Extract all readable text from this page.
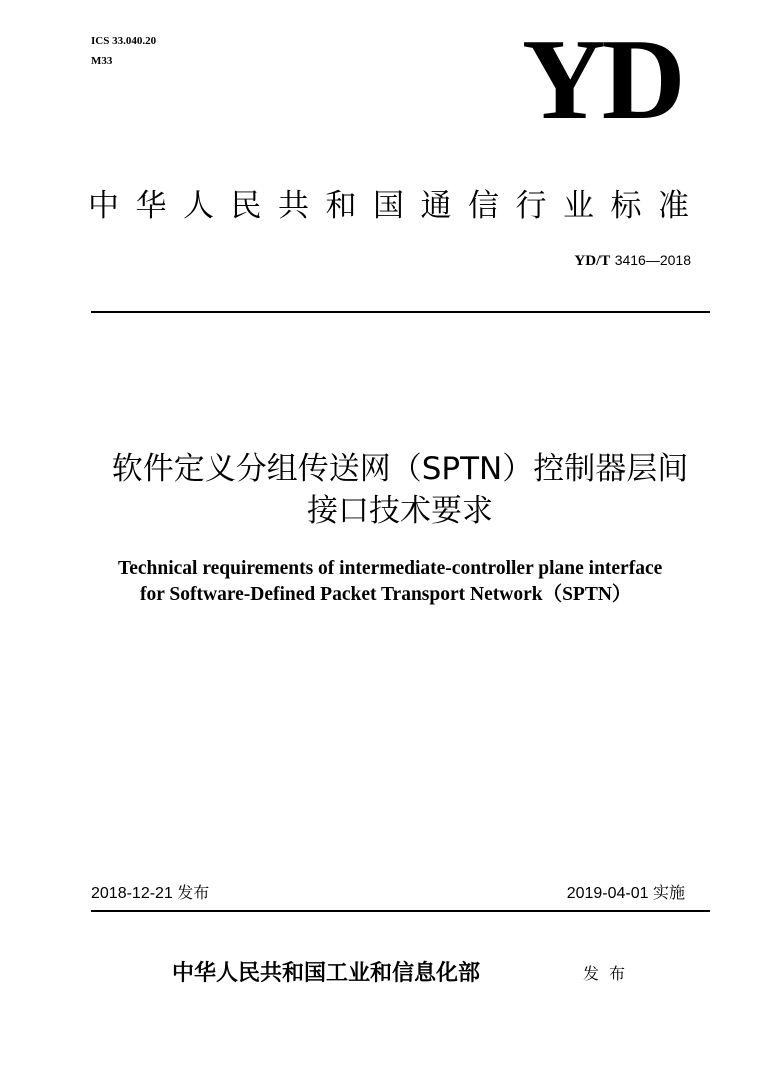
ICS 33.040.20
M33	YD
中华人民共和国通信行业标准
YD/T 3416—2018
软件定义分组传送网（SPTN）控制器层间
接口技术要求
Technical requirements of intermediate-controller plane interface
for Software-Defined Packet Transport Network（SPTN）
2018-12-21 发布	2019-04-01 实施
中华人民共和国工业和信息化部	发布
